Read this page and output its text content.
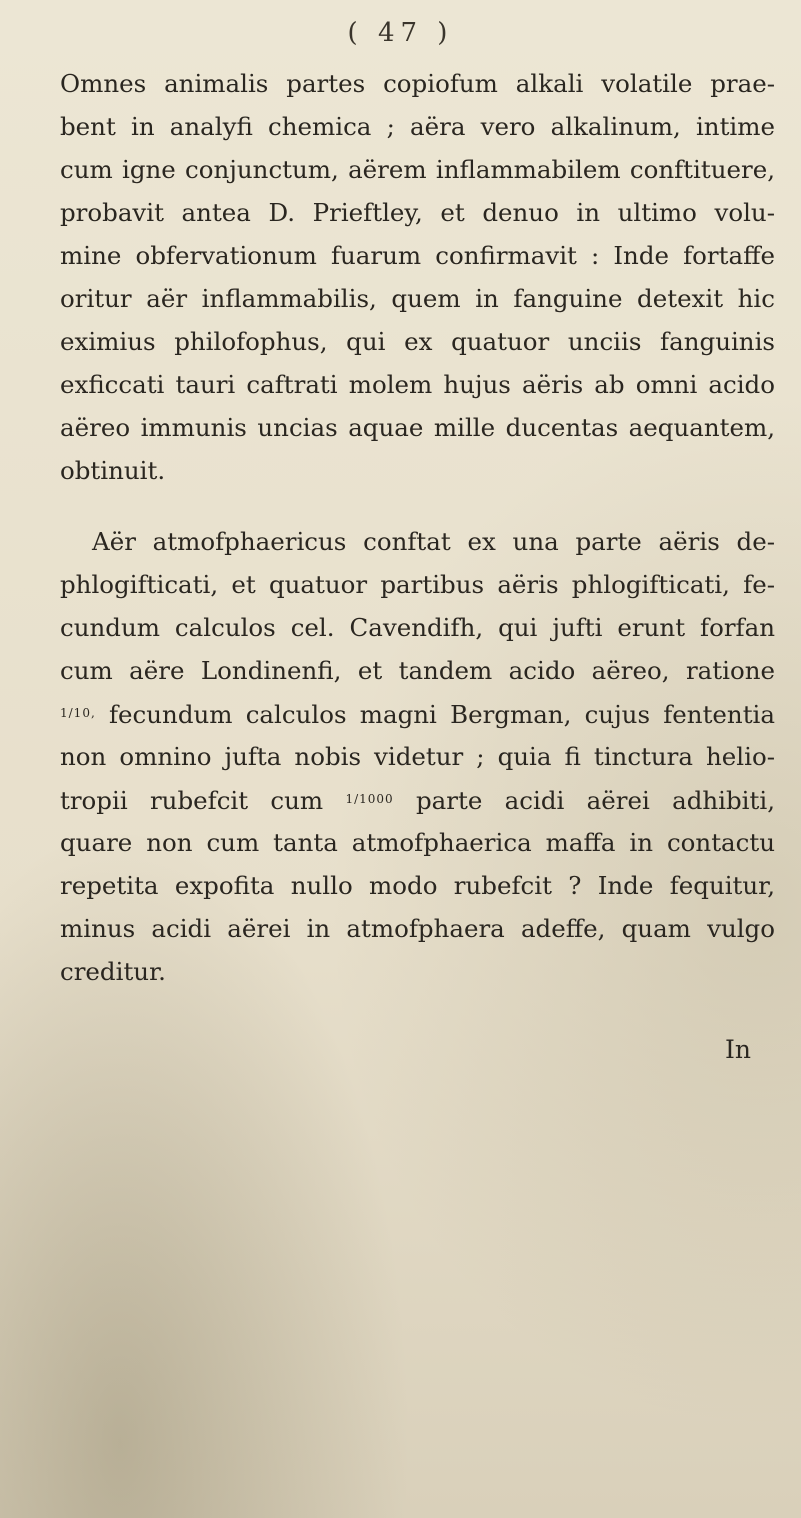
( 47 )
Omnes animalis partes copiofum alkali volatile prae-
bent in analyfi chemica ; aëra vero alkalinum, intime
cum igne conjunctum, aërem inflammabilem conftituere,
probavit antea D. Prieftley, et denuo in ultimo volu-
mine obfervationum fuarum confirmavit : Inde fortaffe
oritur aër inflammabilis, quem in fanguine detexit hic
eximius philofophus, qui ex quatuor unciis fanguinis
exficcati tauri caftrati molem hujus aëris ab omni acido
aëreo immunis uncias aquae mille ducentas aequantem,
obtinuit.
Aër atmofphaericus conftat ex una parte aëris de-
phlogifticati, et quatuor partibus aëris phlogifticati, fe-
cundum calculos cel. Cavendifh, qui jufti erunt forfan
cum aëre Londinenfi, et tandem acido aëreo, ratione
$^{1/10,}$ fecundum calculos magni Bergman, cujus fententia
non omnino jufta nobis videtur ; quia fi tinctura helio-
tropii rubefcit cum $^{1/1000}$ parte acidi aërei adhibiti,
quare non cum tanta atmofphaerica maffa in contactu
repetita expofita nullo modo rubefcit ? Inde fequitur,
minus acidi aërei in atmofphaera adeffe, quam vulgo
creditur.
In
